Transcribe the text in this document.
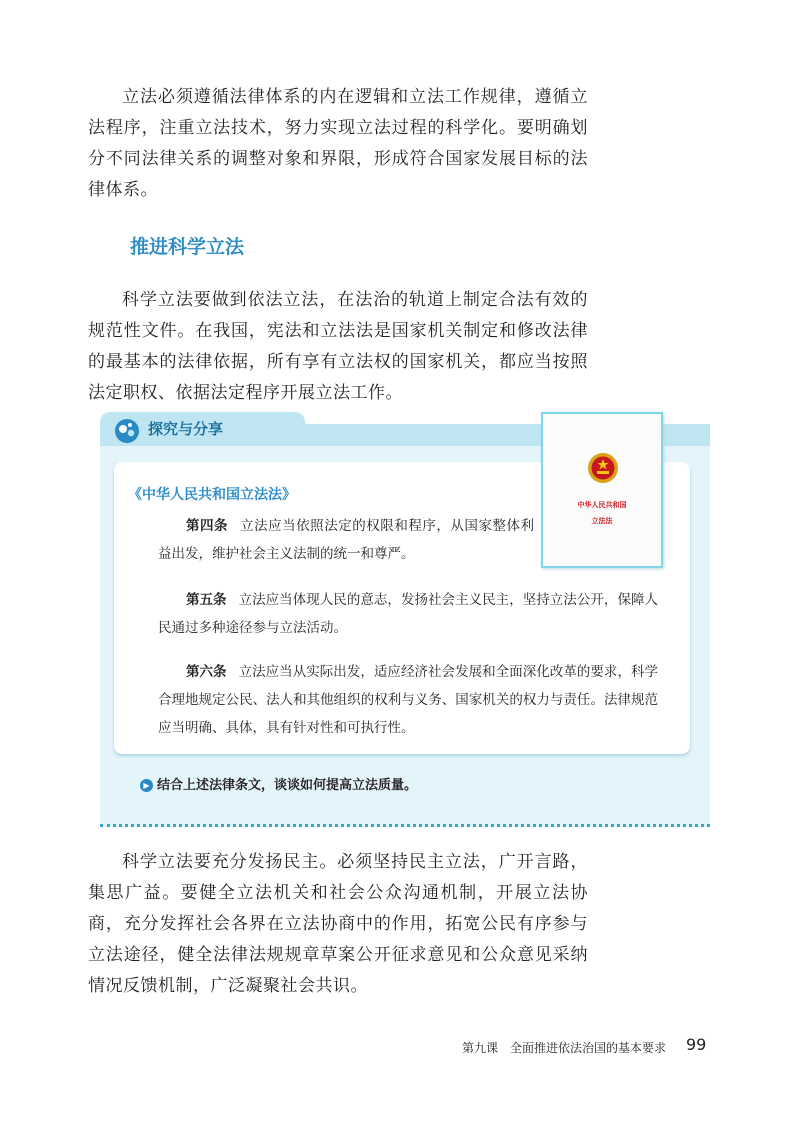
立法必须遵循法律体系的内在逻辑和立法工作规律，遵循立法程序，注重立法技术，努力实现立法过程的科学化。要明确划分不同法律关系的调整对象和界限，形成符合国家发展目标的法律体系。

推进科学立法

科学立法要做到依法立法，在法治的轨道上制定合法有效的规范性文件。在我国，宪法和立法法是国家机关制定和修改法律的最基本的法律依据，所有享有立法权的国家机关，都应当按照法定职权、依据法定程序开展立法工作。

探究与分享
《中华人民共和国立法法》

第四条 立法应当依照法定的权限和程序，从国家整体利益出发，维护社会主义法制的统一和尊严。

第五条 立法应当体现人民的意志，发扬社会主义民主，坚持立法公开，保障人民通过多种途径参与立法活动。

第六条 立法应当从实际出发，适应经济社会发展和全面深化改革的要求，科学合理地规定公民、法人和其他组织的权利与义务、国家机关的权力与责任。法律规范应当明确、具体，具有针对性和可执行性。

▶ 结合上述法律条文，谈谈如何提高立法质量。
中华人民共和国
立法法

科学立法要充分发扬民主。必须坚持民主立法，广开言路，集思广益。要健全立法机关和社会公众沟通机制，开展立法协商，充分发挥社会各界在立法协商中的作用，拓宽公民有序参与立法途径，健全法律法规规章草案公开征求意见和公众意见采纳情况反馈机制，广泛凝聚社会共识。

第九课　全面推进依法治国的基本要求 99
